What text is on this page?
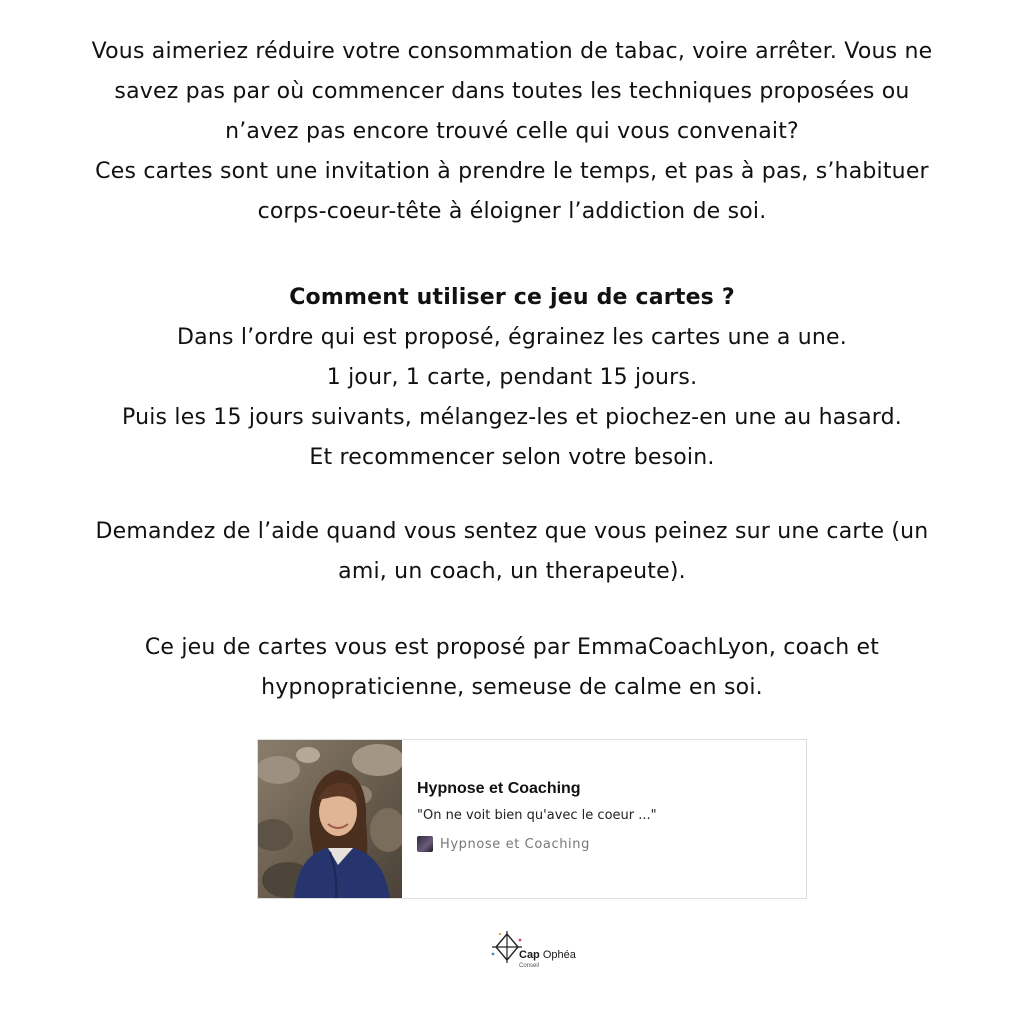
Vous aimeriez réduire votre consommation de tabac, voire arrêter. Vous ne
savez pas par où commencer dans toutes les techniques proposées ou
n’avez pas encore trouvé celle qui vous convenait?
Ces cartes sont une invitation à prendre le temps, et pas à pas, s’habituer
corps-coeur-tête à éloigner l’addiction de soi.
Comment utiliser ce jeu de cartes ?
Dans l’ordre qui est proposé, égrainez les cartes une a une.
1 jour, 1 carte, pendant 15 jours.
Puis les 15 jours suivants, mélangez-les et piochez-en une au hasard.
Et recommencer selon votre besoin.
Demandez de l’aide quand vous sentez que vous peinez sur une carte (un
ami, un coach, un therapeute).
Ce jeu de cartes vous est proposé par EmmaCoachLyon, coach et
hypnopraticienne, semeuse de calme en soi.
Hypnose et Coaching
"On ne voit bien qu'avec le coeur ..."
Hypnose et Coaching
Cap Ophéa
Conseil
